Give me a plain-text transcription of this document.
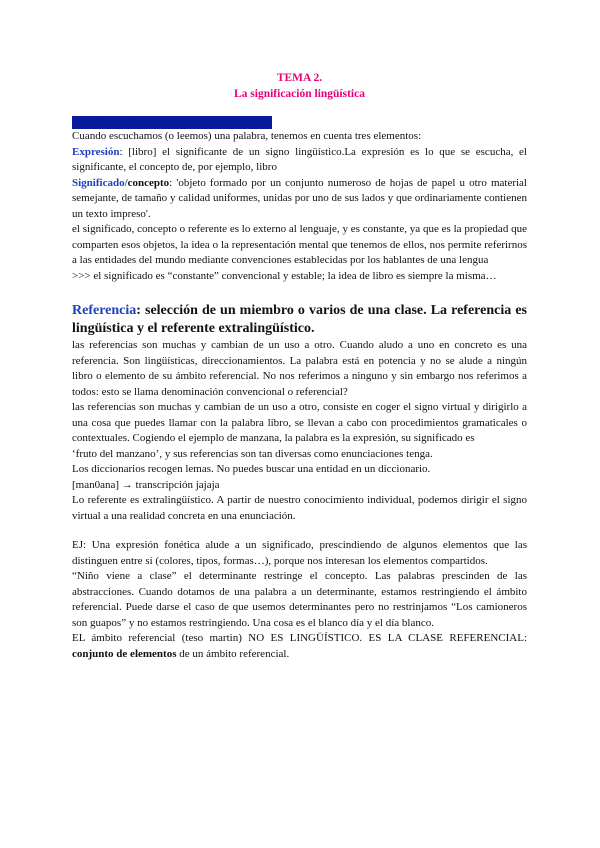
TEMA 2.
La significación lingüística
1. El significado y la referencia

Cuando escuchamos (o leemos) una palabra, tenemos en cuenta tres elementos:

Expresión: [libro] el significante de un signo lingüístico.La expresión es lo que se escucha, el significante, el concepto de, por ejemplo, libro

Significado/concepto: 'objeto formado por un conjunto numeroso de hojas de papel u otro material semejante, de tamaño y calidad uniformes, unidas por uno de sus lados y que ordinariamente contienen un texto impreso'.

el significado, concepto o referente es lo externo al lenguaje, y es constante, ya que es la propiedad que comparten esos objetos, la idea o la representación mental que tenemos de ellos, nos permite referirnos a las entidades del mundo mediante convenciones establecidas por los hablantes de una lengua

>>> el significado es “constante” convencional y estable; la idea de libro es siempre la misma…

Referencia: selección de un miembro o varios de una clase. La referencia es lingüística y el referente extralingüístico.

las referencias son muchas y cambian de un uso a otro. Cuando aludo a uno en concreto es una referencia. Son lingüísticas, direccionamientos. La palabra está en potencia y no se alude a ningún libro o elemento de su ámbito referencial. No nos referimos a ninguno y sin embargo nos referimos a todos: esto se llama denominación convencional o referencial?

las referencias son muchas y cambian de un uso a otro, consiste en coger el signo virtual y dirigirlo a una cosa que puedes llamar con la palabra libro, se llevan a cabo con procedimientos gramaticales o contextuales. Cogiendo el ejemplo de manzana, la palabra es la expresión, su significado es

‘fruto del manzano’, y sus referencias son tan diversas como enunciaciones tenga.

Los diccionarios recogen lemas. No puedes buscar una entidad en un diccionario.

[man0ana] → transcripción jajaja

Lo referente es extralingüístico. A partir de nuestro conocimiento individual, podemos dirigir el signo virtual a una realidad concreta en una enunciación.

EJ: Una expresión fonética alude a un significado, prescindiendo de algunos elementos que las distinguen entre sí (colores, tipos, formas…), porque nos interesan los elementos compartidos.

“Niño viene a clase” el determinante restringe el concepto. Las palabras prescinden de las abstracciones. Cuando dotamos de una palabra a un determinante, estamos restringiendo el ámbito referencial. Puede darse el caso de que usemos determinantes pero no restrinjamos “Los camioneros son guapos” y no estamos restringiendo. Una cosa es el blanco día y el día blanco.

EL ámbito referencial (teso martin) NO ES LINGÜÍSTICO. ES LA CLASE REFERENCIAL: conjunto de elementos de un ámbito referencial.
